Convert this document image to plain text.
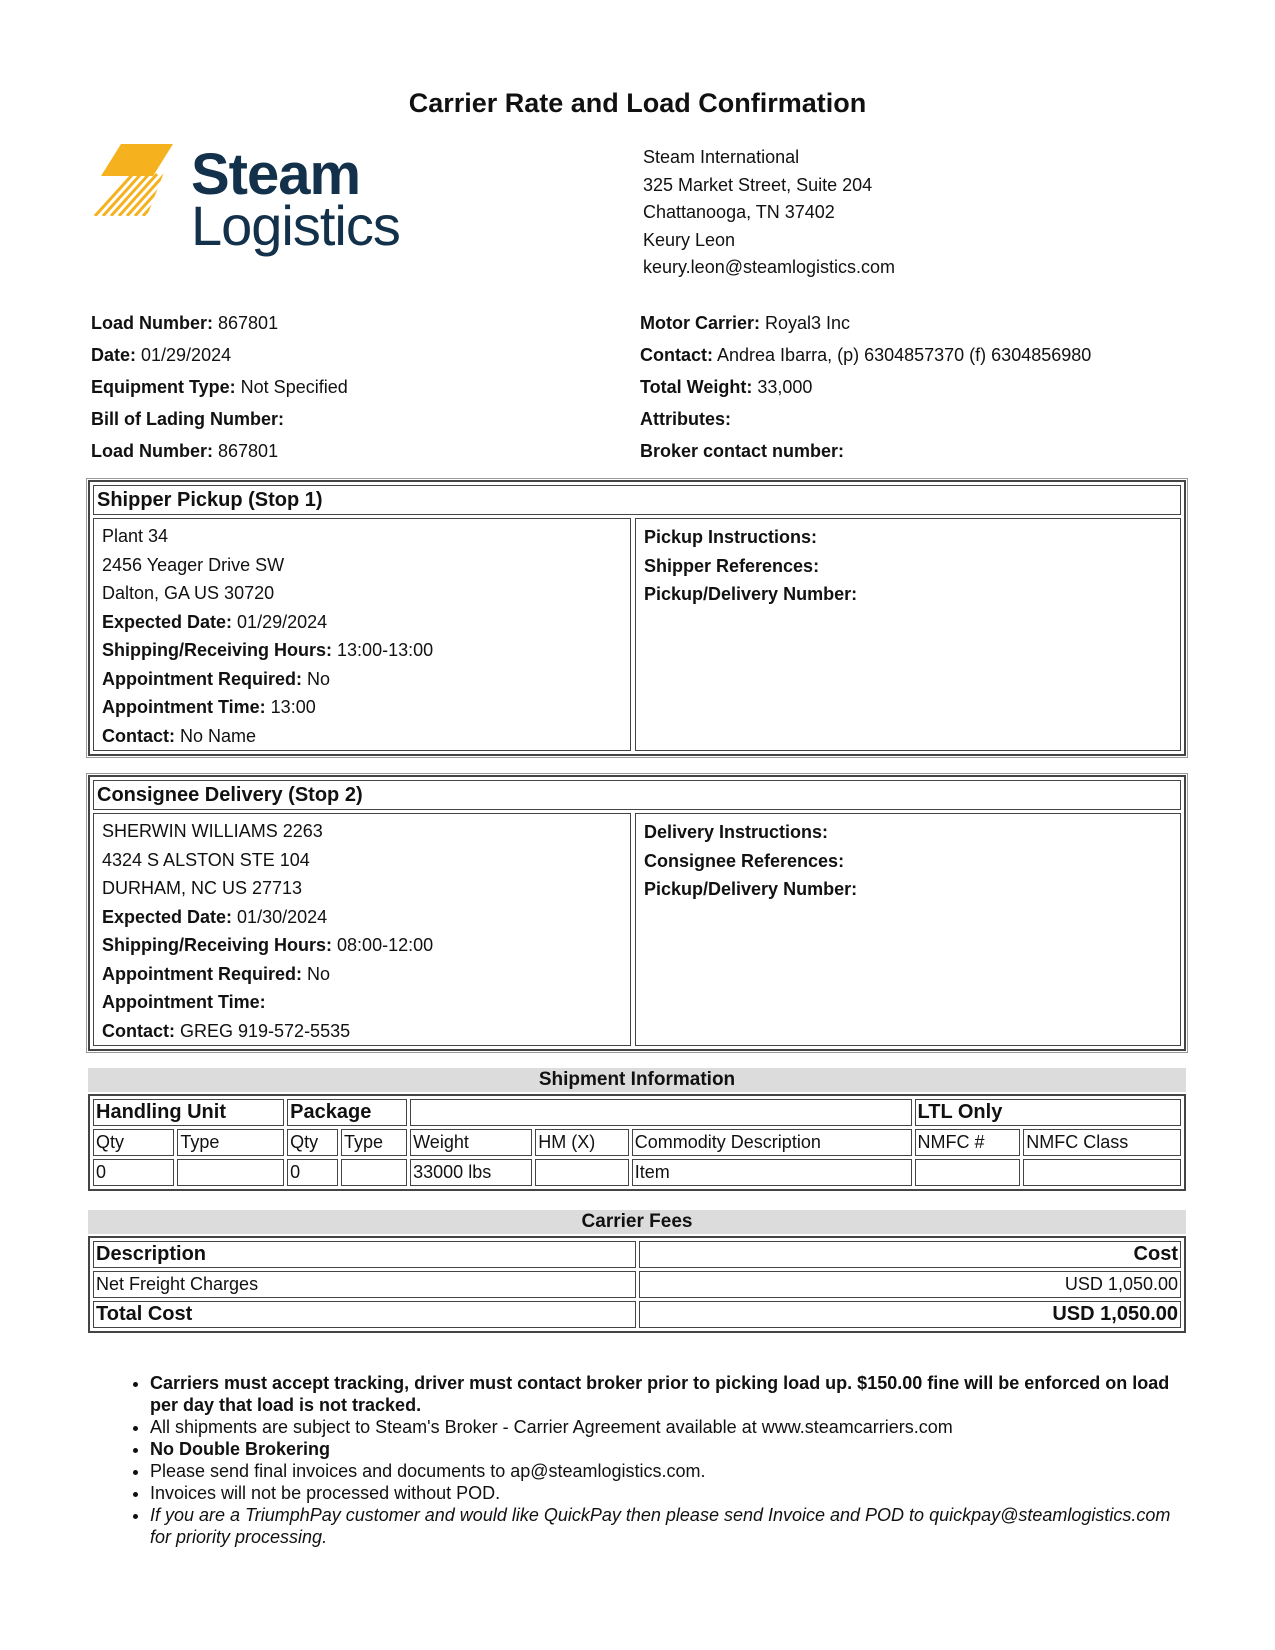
Carrier Rate and Load Confirmation
Steam
Logistics
Steam International
325 Market Street, Suite 204
Chattanooga, TN 37402
Keury Leon
keury.leon@steamlogistics.com
Load Number: 867801
Date: 01/29/2024
Equipment Type: Not Specified
Bill of Lading Number:
Load Number: 867801
Motor Carrier: Royal3 Inc
Contact: Andrea Ibarra, (p) 6304857370 (f) 6304856980
Total Weight: 33,000
Attributes:
Broker contact number:
Shipper Pickup (Stop 1)
Plant 34
2456 Yeager Drive SW
Dalton, GA US 30720
Expected Date: 01/29/2024
Shipping/Receiving Hours: 13:00-13:00
Appointment Required: No
Appointment Time: 13:00
Contact: No Name
Pickup Instructions:
Shipper References:
Pickup/Delivery Number:
Consignee Delivery (Stop 2)
SHERWIN WILLIAMS 2263
4324 S ALSTON STE 104
DURHAM, NC US 27713
Expected Date: 01/30/2024
Shipping/Receiving Hours: 08:00-12:00
Appointment Required: No
Appointment Time:
Contact: GREG 919-572-5535
Delivery Instructions:
Consignee References:
Pickup/Delivery Number:
Shipment Information
Handling Unit		Package					LTL Only	
Qty	Type	Qty	Type	Weight	HM (X)	Commodity Description	NMFC #	NMFC Class
0		0		33000 lbs		Item		
Carrier Fees
Description	Cost
Net Freight Charges	USD 1,050.00
Total Cost	USD 1,050.00
• Carriers must accept tracking, driver must contact broker prior to picking load up. $150.00 fine will be enforced on load per day that load is not tracked.
• All shipments are subject to Steam's Broker - Carrier Agreement available at www.steamcarriers.com
• No Double Brokering
• Please send final invoices and documents to ap@steamlogistics.com.
• Invoices will not be processed without POD.
• If you are a TriumphPay customer and would like QuickPay then please send Invoice and POD to quickpay@steamlogistics.com for priority processing.
